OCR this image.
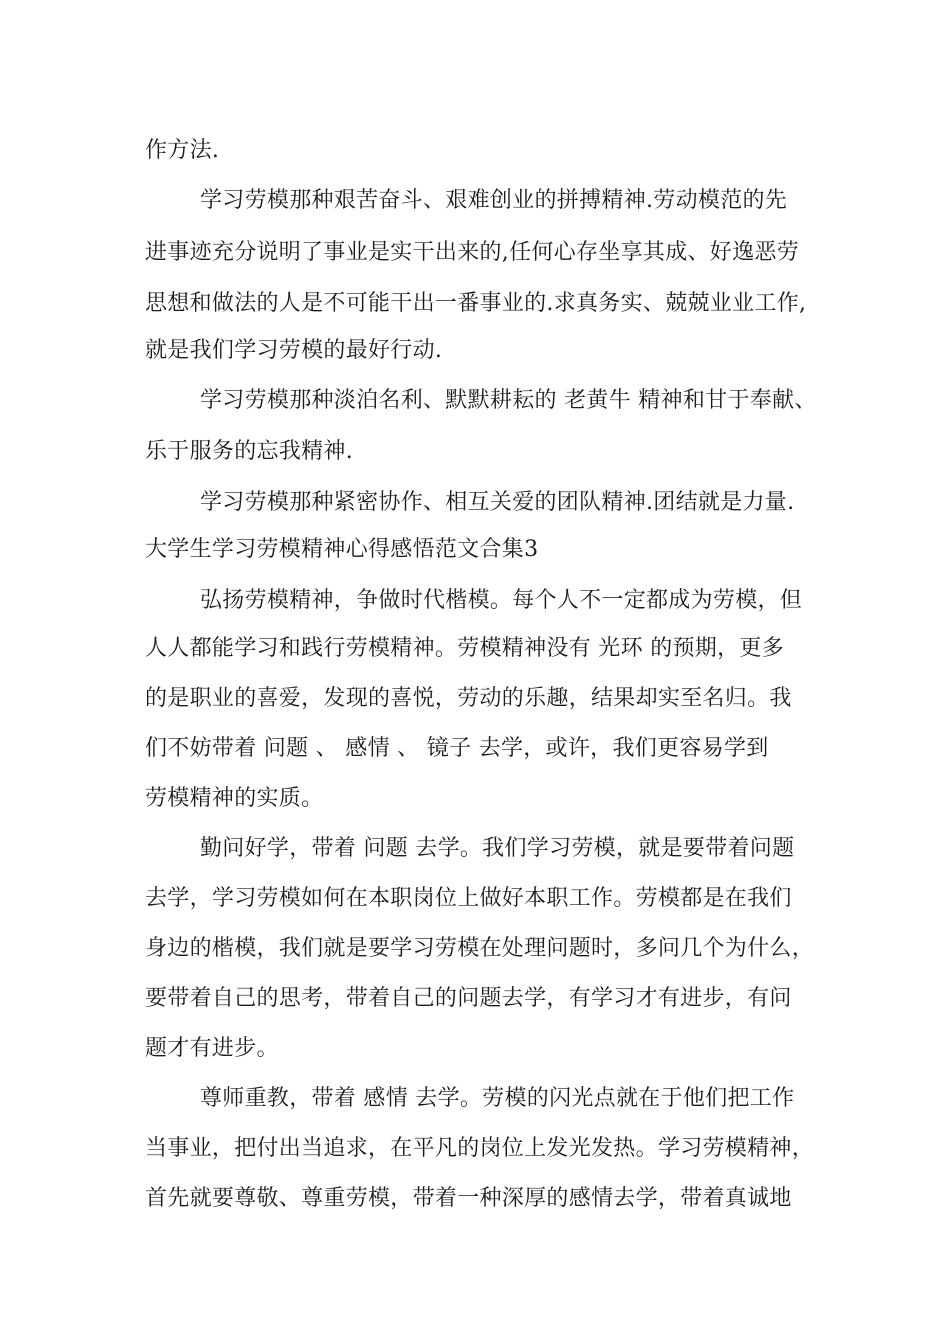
作方法.
学习劳模那种艰苦奋斗、艰难创业的拼搏精神.劳动模范的先
进事迹充分说明了事业是实干出来的,任何心存坐享其成、好逸恶劳
思想和做法的人是不可能干出一番事业的.求真务实、兢兢业业工作,
就是我们学习劳模的最好行动.
学习劳模那种淡泊名利、默默耕耘的 老黄牛 精神和甘于奉献、
乐于服务的忘我精神.
学习劳模那种紧密协作、相互关爱的团队精神.团结就是力量.
大学生学习劳模精神心得感悟范文合集3
弘扬劳模精神，争做时代楷模。每个人不一定都成为劳模，但
人人都能学习和践行劳模精神。劳模精神没有 光环 的预期，更多
的是职业的喜爱，发现的喜悦，劳动的乐趣，结果却实至名归。我
们不妨带着 问题 、 感情 、 镜子 去学，或许，我们更容易学到
劳模精神的实质。
勤问好学，带着 问题 去学。我们学习劳模，就是要带着问题
去学，学习劳模如何在本职岗位上做好本职工作。劳模都是在我们
身边的楷模，我们就是要学习劳模在处理问题时，多问几个为什么，
要带着自己的思考，带着自己的问题去学，有学习才有进步，有问
题才有进步。
尊师重教，带着 感情 去学。劳模的闪光点就在于他们把工作
当事业，把付出当追求，在平凡的岗位上发光发热。学习劳模精神，
首先就要尊敬、尊重劳模，带着一种深厚的感情去学，带着真诚地
